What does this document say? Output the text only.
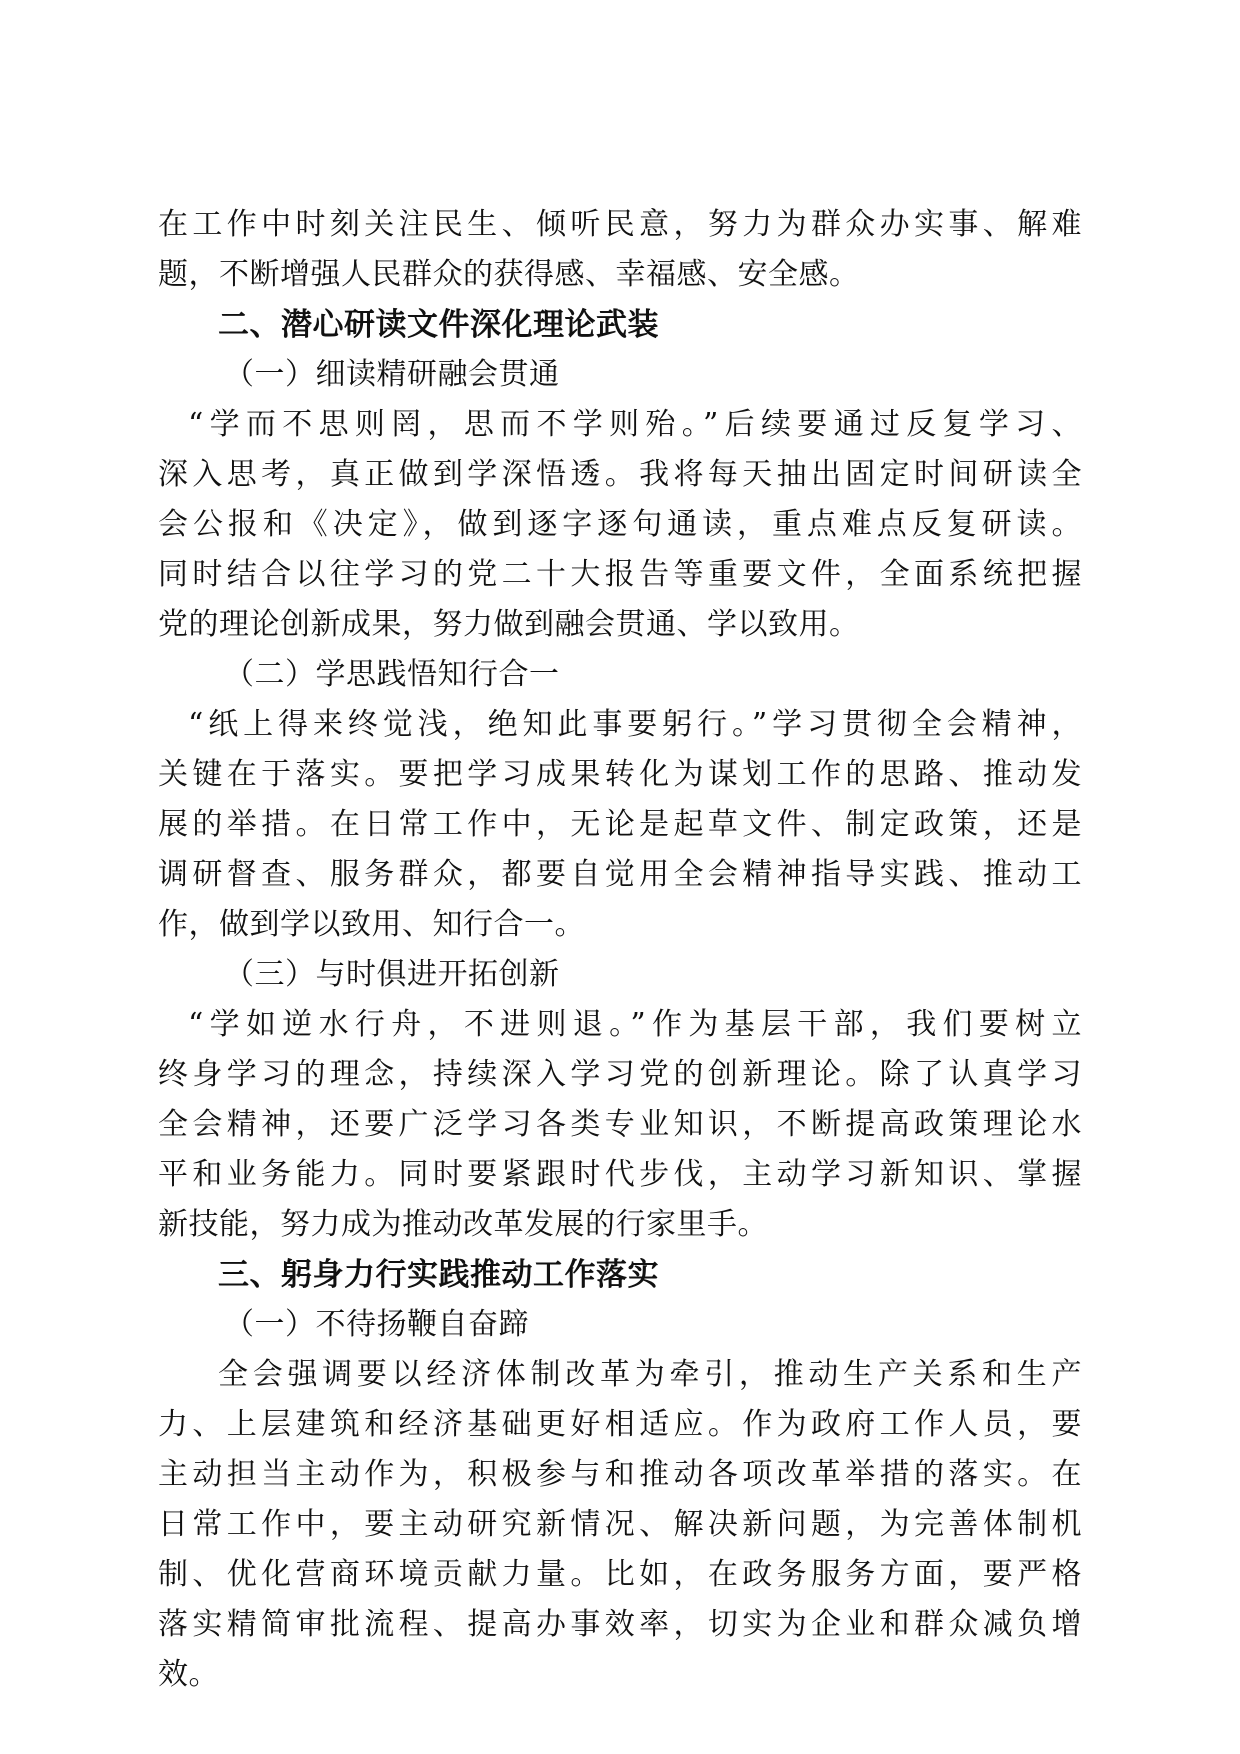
在工作中时刻关注民生、倾听民意，努力为群众办实事、解难
题，不断增强人民群众的获得感、幸福感、安全感。
二、潜心研读文件深化理论武装
（一）细读精研融会贯通
“学而不思则罔，思而不学则殆。”后续要通过反复学习、
深入思考，真正做到学深悟透。我将每天抽出固定时间研读全
会公报和《决定》，做到逐字逐句通读，重点难点反复研读。
同时结合以往学习的党二十大报告等重要文件，全面系统把握
党的理论创新成果，努力做到融会贯通、学以致用。
（二）学思践悟知行合一
“纸上得来终觉浅，绝知此事要躬行。”学习贯彻全会精神，
关键在于落实。要把学习成果转化为谋划工作的思路、推动发
展的举措。在日常工作中，无论是起草文件、制定政策，还是
调研督查、服务群众，都要自觉用全会精神指导实践、推动工
作，做到学以致用、知行合一。
（三）与时俱进开拓创新
“学如逆水行舟，不进则退。”作为基层干部，我们要树立
终身学习的理念，持续深入学习党的创新理论。除了认真学习
全会精神，还要广泛学习各类专业知识，不断提高政策理论水
平和业务能力。同时要紧跟时代步伐，主动学习新知识、掌握
新技能，努力成为推动改革发展的行家里手。
三、躬身力行实践推动工作落实
（一）不待扬鞭自奋蹄
全会强调要以经济体制改革为牵引，推动生产关系和生产
力、上层建筑和经济基础更好相适应。作为政府工作人员，要
主动担当主动作为，积极参与和推动各项改革举措的落实。在
日常工作中，要主动研究新情况、解决新问题，为完善体制机
制、优化营商环境贡献力量。比如，在政务服务方面，要严格
落实精简审批流程、提高办事效率，切实为企业和群众减负增
效。
